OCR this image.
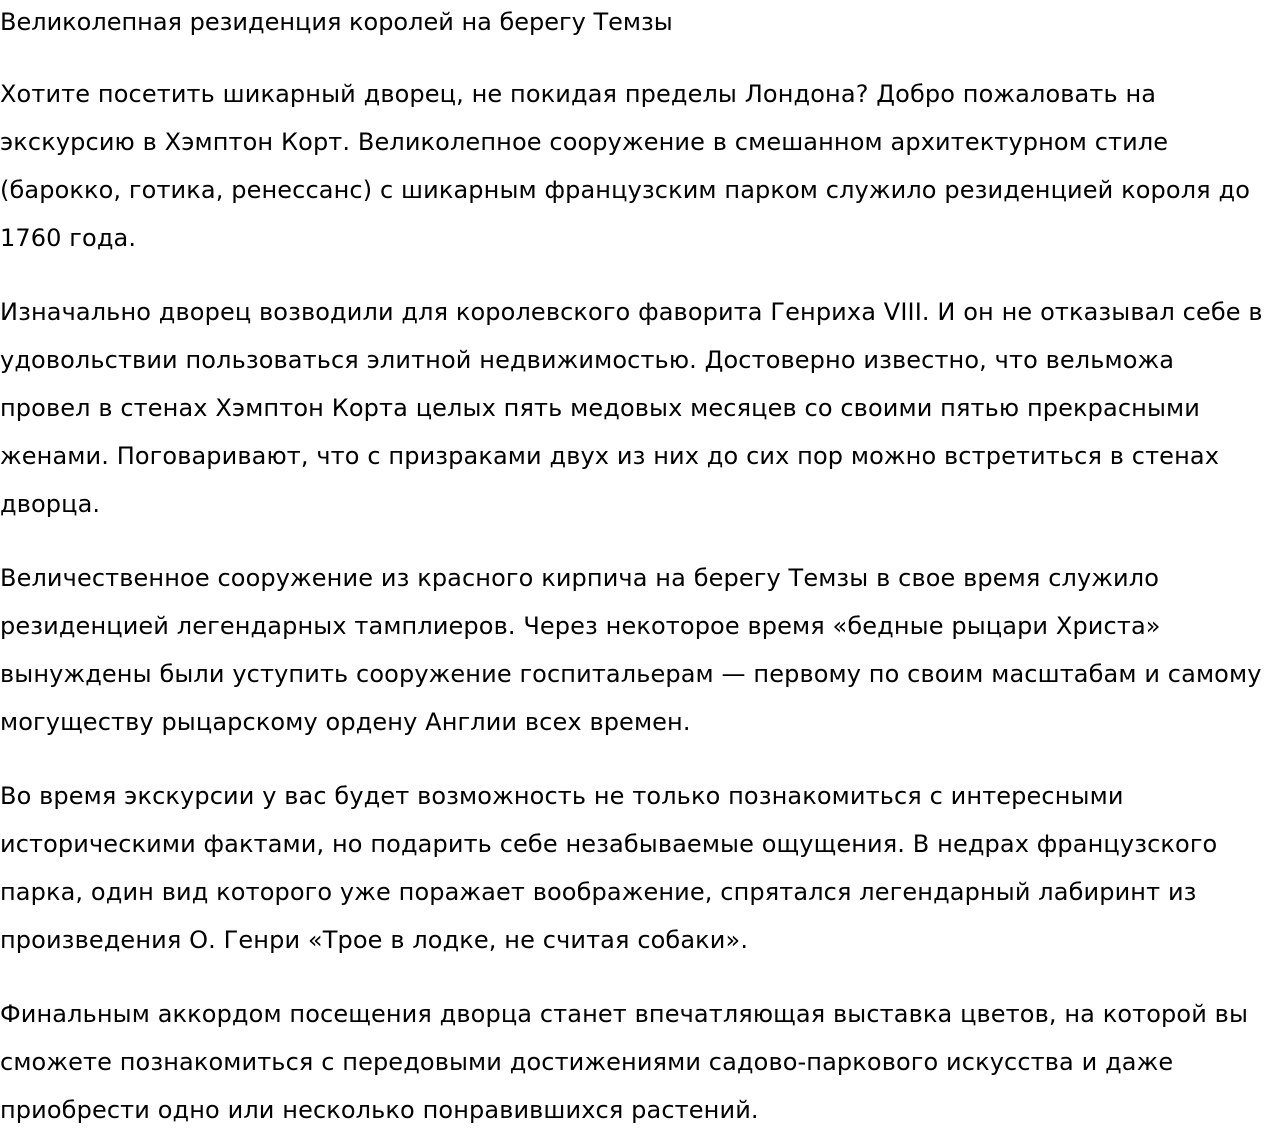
Великолепная резиденция королей на берегу Темзы

Хотите посетить шикарный дворец, не покидая пределы Лондона? Добро пожаловать на экскурсию в Хэмптон Корт. Великолепное сооружение в смешанном архитектурном стиле (барокко, готика, ренессанс) с шикарным французским парком служило резиденцией короля до 1760 года.

Изначально дворец возводили для королевского фаворита Генриха VIII. И он не отказывал себе в удовольствии пользоваться элитной недвижимостью. Достоверно известно, что вельможа провел в стенах Хэмптон Корта целых пять медовых месяцев со своими пятью прекрасными женами. Поговаривают, что с призраками двух из них до сих пор можно встретиться в стенах дворца.

Величественное сооружение из красного кирпича на берегу Темзы в свое время служило резиденцией легендарных тамплиеров. Через некоторое время «бедные рыцари Христа» вынуждены были уступить сооружение госпитальерам — первому по своим масштабам и самому могуществу рыцарскому ордену Англии всех времен.

Во время экскурсии у вас будет возможность не только познакомиться с интересными историческими фактами, но подарить себе незабываемые ощущения. В недрах французского парка, один вид которого уже поражает воображение, спрятался легендарный лабиринт из произведения О. Генри «Трое в лодке, не считая собаки».

Финальным аккордом посещения дворца станет впечатляющая выставка цветов, на которой вы сможете познакомиться с передовыми достижениями садово-паркового искусства и даже приобрести одно или несколько понравившихся растений.
